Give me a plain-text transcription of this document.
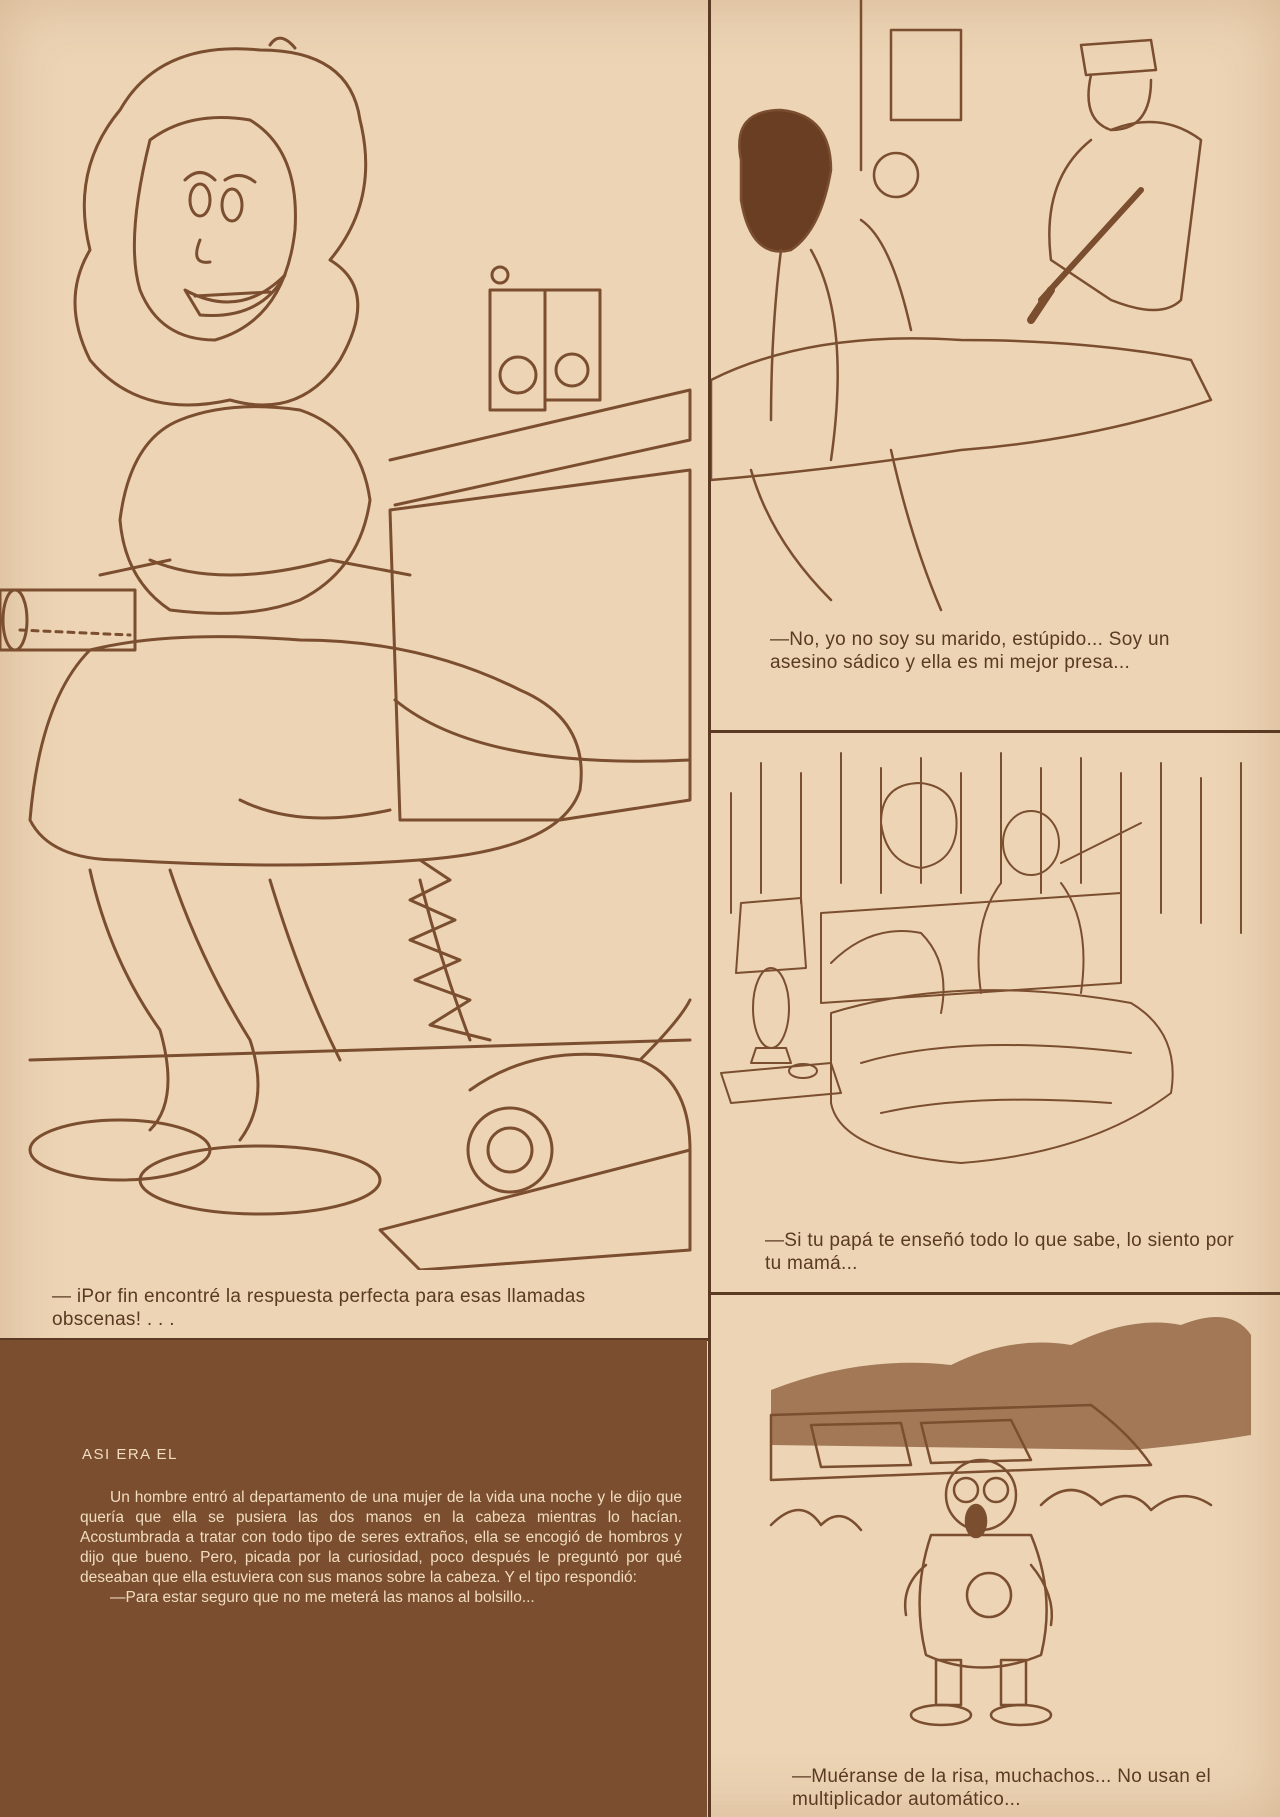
— iPor fin encontré la respuesta perfecta para esas llamadas obscenas! . . .
ASI ERA EL

Un hombre entró al departamento de una mujer de la vida una noche y le dijo que quería que ella se pusiera las dos manos en la cabeza mientras lo hacían. Acostumbrada a tratar con todo tipo de seres extraños, ella se encogió de hombros y dijo que bueno. Pero, picada por la curiosidad, poco después le preguntó por qué deseaban que ella estuviera con sus manos sobre la cabeza. Y el tipo respondió:

—Para estar seguro que no me meterá las manos al bolsillo...

—No, yo no soy su marido, estúpido... Soy un asesino sádico y ella es mi mejor presa...
—Si tu papá te enseñó todo lo que sabe, lo siento por tu mamá...
—Muéranse de la risa, muchachos... No usan el multiplicador automático...
